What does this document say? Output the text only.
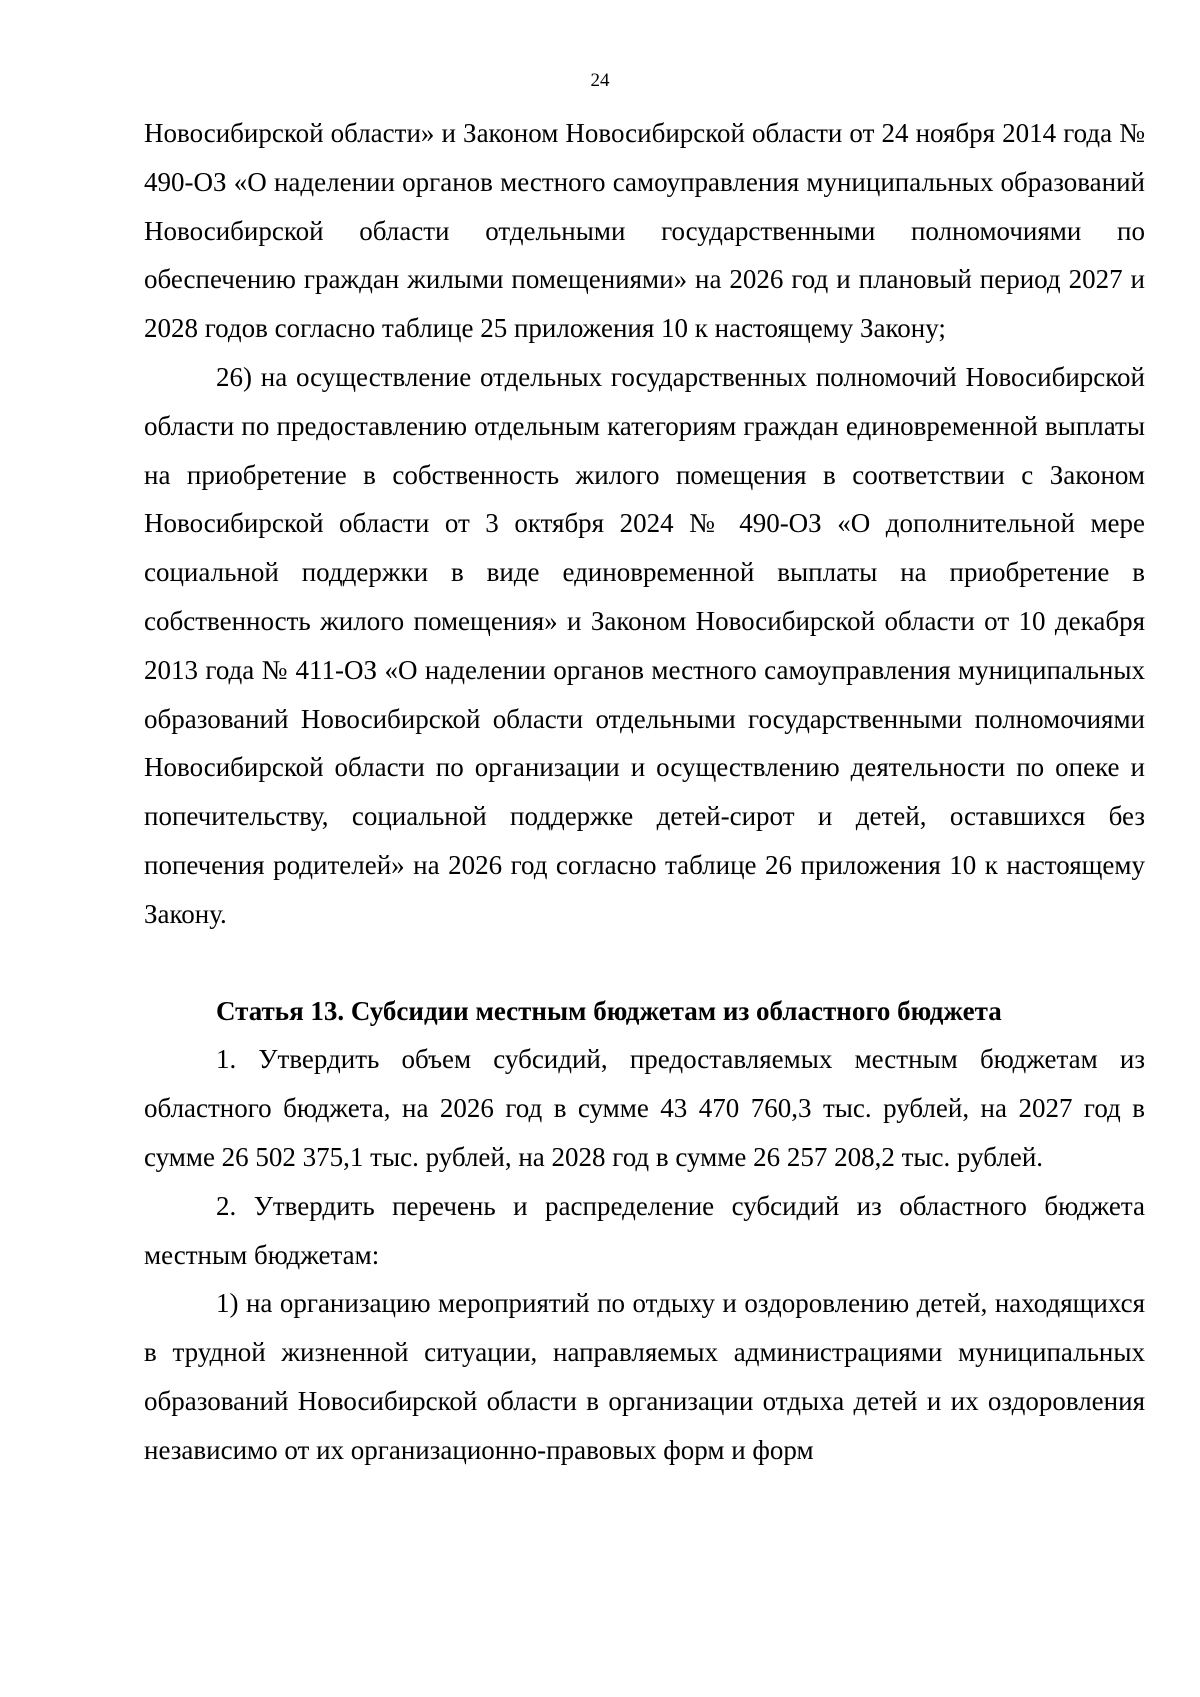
24

Новосибирской области» и Законом Новосибирской области от 24 ноября 2014 года № 490-ОЗ «О наделении органов местного самоуправления муниципальных образований Новосибирской области отдельными государственными полномочиями по обеспечению граждан жилыми помещениями» на 2026 год и плановый период 2027 и 2028 годов согласно таблице 25 приложения 10 к настоящему Закону;

26) на осуществление отдельных государственных полномочий Новосибирской области по предоставлению отдельным категориям граждан единовременной выплаты на приобретение в собственность жилого помещения в соответствии с Законом Новосибирской области от 3 октября 2024 № 490-ОЗ «О дополнительной мере социальной поддержки в виде единовременной выплаты на приобретение в собственность жилого помещения» и Законом Новосибирской области от 10 декабря 2013 года № 411-ОЗ «О наделении органов местного самоуправления муниципальных образований Новосибирской области отдельными государственными полномочиями Новосибирской области по организации и осуществлению деятельности по опеке и попечительству, социальной поддержке детей-сирот и детей, оставшихся без попечения родителей» на 2026 год согласно таблице 26 приложения 10 к настоящему Закону.

Статья 13. Субсидии местным бюджетам из областного бюджета

1. Утвердить объем субсидий, предоставляемых местным бюджетам из областного бюджета, на 2026 год в сумме 43 470 760,3 тыс. рублей, на 2027 год в сумме 26 502 375,1 тыс. рублей, на 2028 год в сумме 26 257 208,2 тыс. рублей.

2. Утвердить перечень и распределение субсидий из областного бюджета местным бюджетам:

1) на организацию мероприятий по отдыху и оздоровлению детей, находящихся в трудной жизненной ситуации, направляемых администрациями муниципальных образований Новосибирской области в организации отдыха детей и их оздоровления независимо от их организационно-правовых форм и форм
